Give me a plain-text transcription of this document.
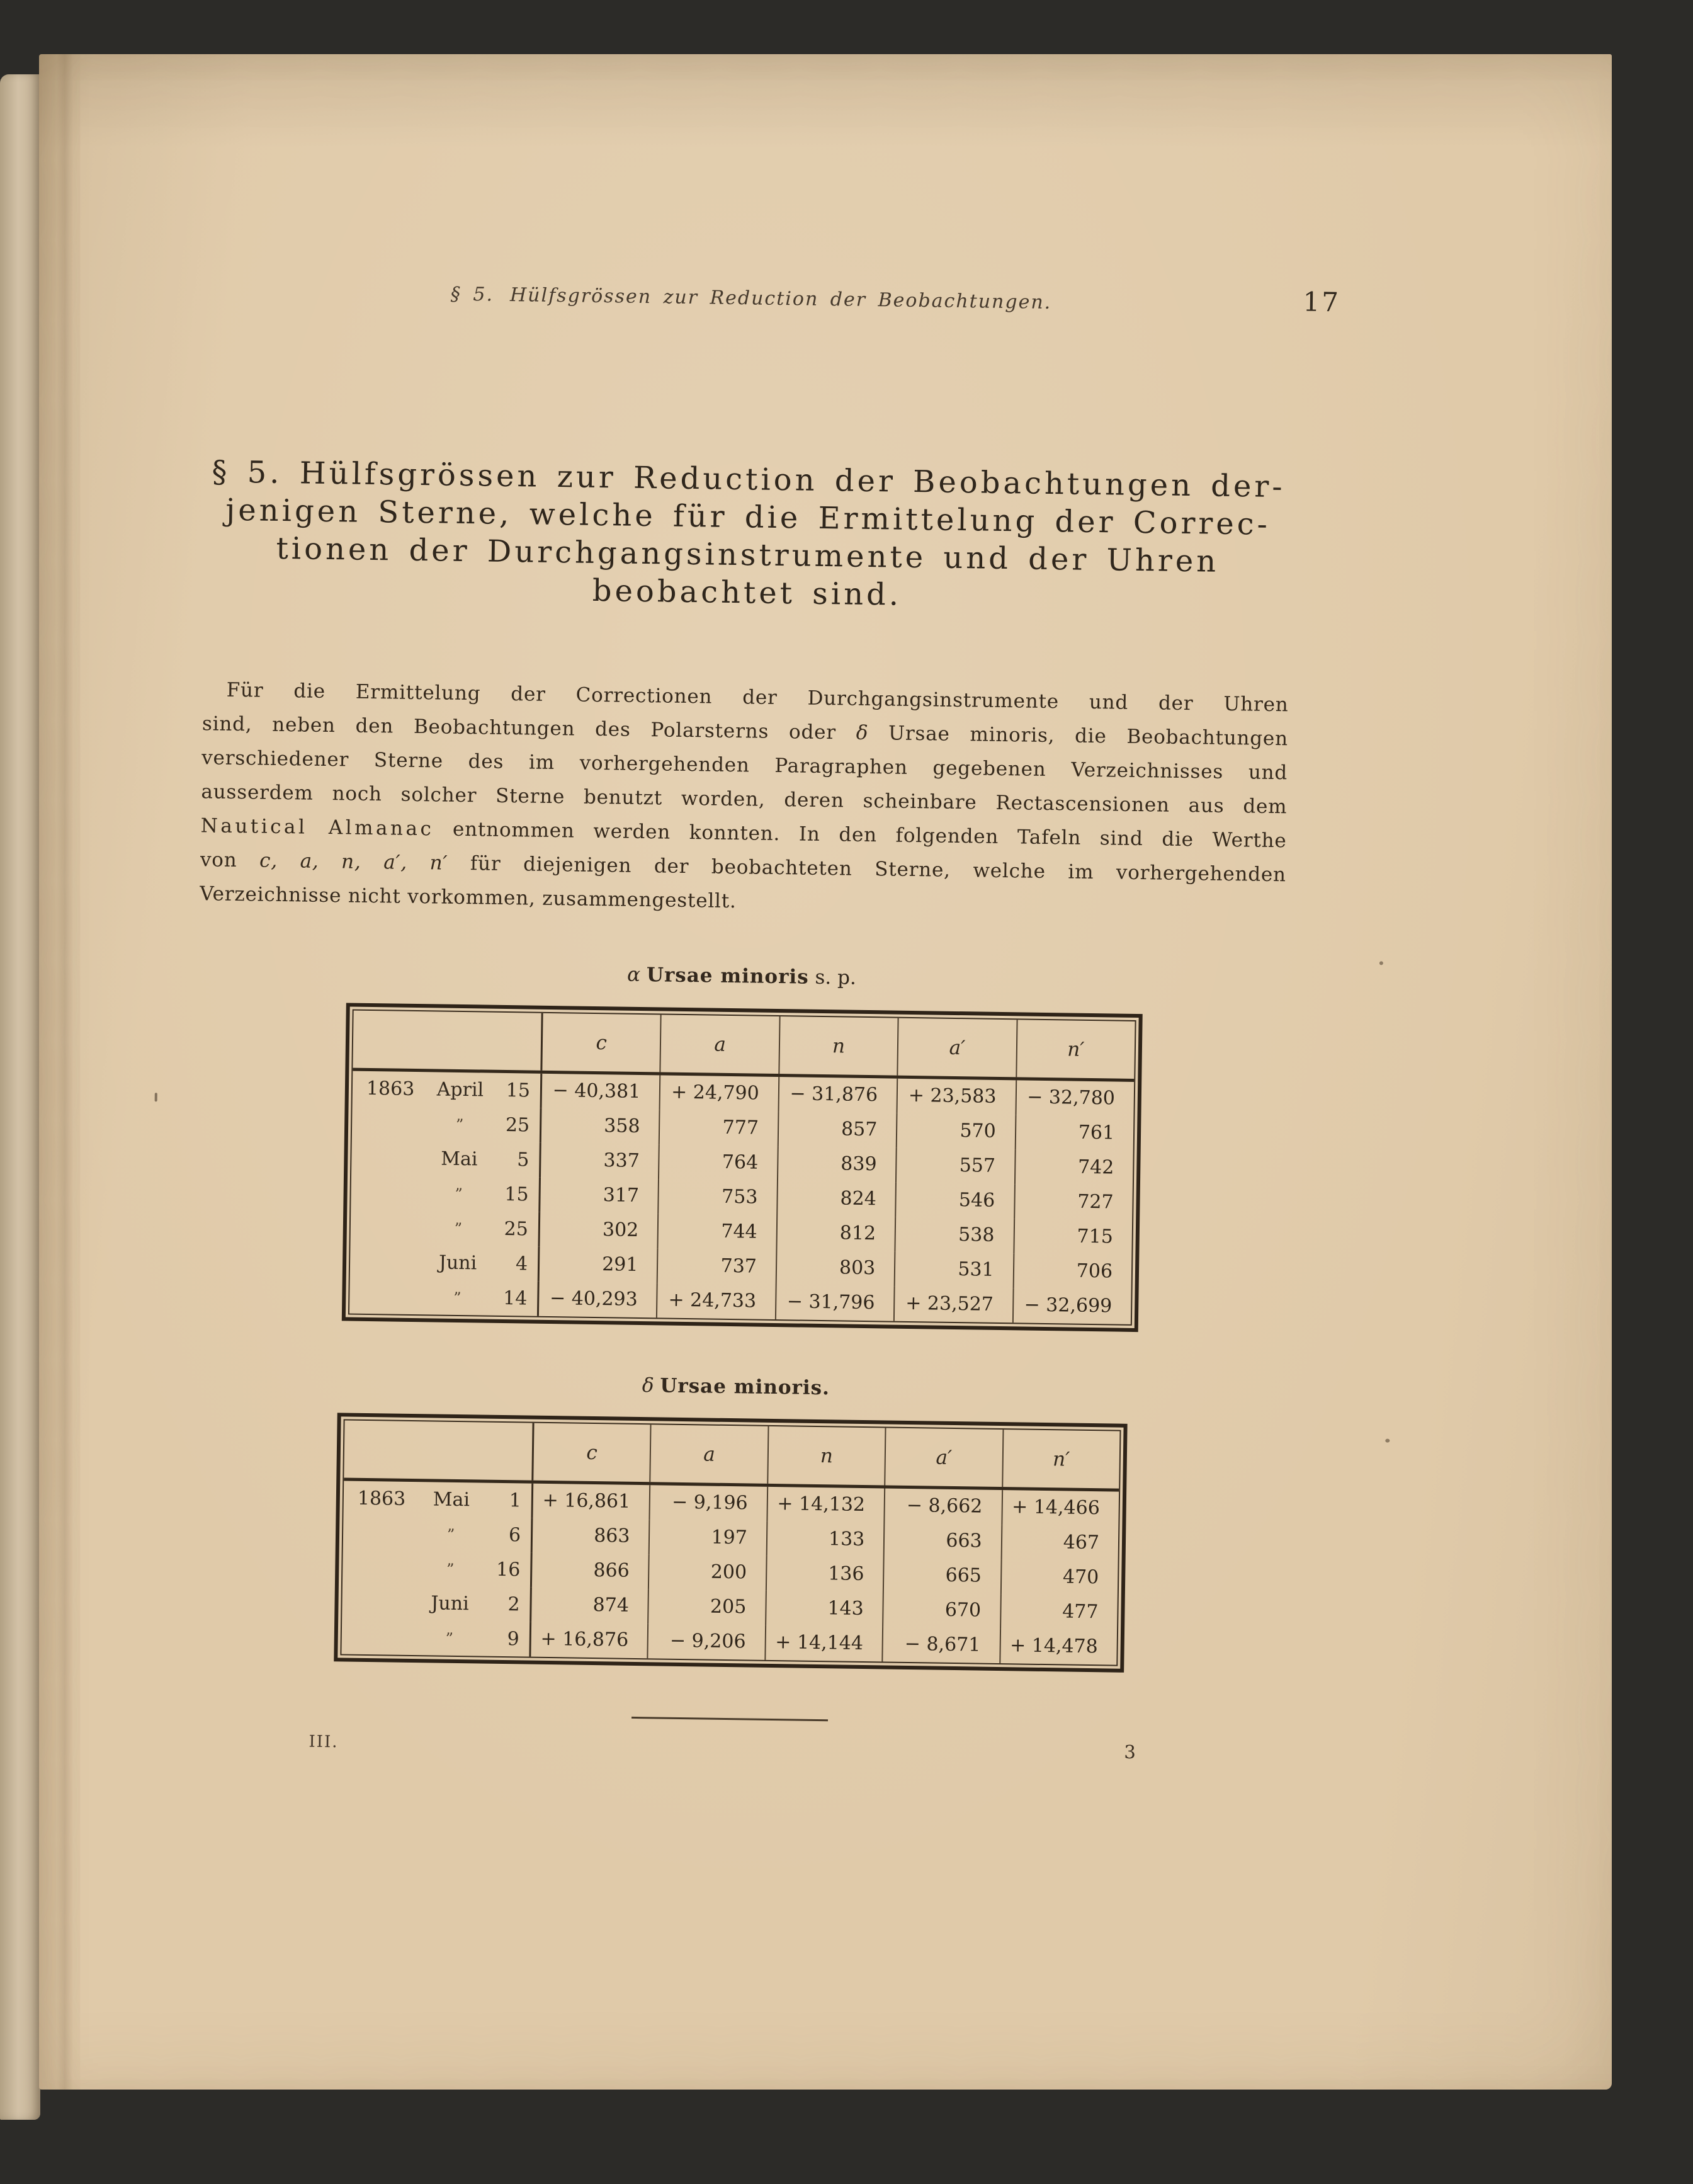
§ 5. Hülfsgrössen zur Reduction der Beobachtungen.	17
§ 5. Hülfsgrössen zur Reduction der Beobachtungen der-
jenigen Sterne, welche für die Ermittelung der Correc-
tionen der Durchgangsinstrumente und der Uhren
beobachtet sind.
Für die Ermittelung der Correctionen der Durchgangsinstrumente und der Uhren
sind, neben den Beobachtungen des Polarsterns oder δ Ursae minoris, die Beobachtungen
verschiedener Sterne des im vorhergehenden Paragraphen gegebenen Verzeichnisses und
ausserdem noch solcher Sterne benutzt worden, deren scheinbare Rectascensionen aus dem
Nautical Almanac entnommen werden konnten. In den folgenden Tafeln sind die Werthe
von c, a, n, a′, n′ für diejenigen der beobachteten Sterne, welche im vorhergehenden
Verzeichnisse nicht vorkommen, zusammengestellt.
α Ursae minoris s. p.
c	a	n	a′	n′
1863	April	15	− 40,381	+ 24,790	− 31,876	+ 23,583	− 32,780
”	25	358	777	857	570	761
Mai	5	337	764	839	557	742
”	15	317	753	824	546	727
”	25	302	744	812	538	715
Juni	4	291	737	803	531	706
”	14	− 40,293	+ 24,733	− 31,796	+ 23,527	− 32,699
δ Ursae minoris.
c	a	n	a′	n′
1863	Mai	1	+ 16,861	− 9,196	+ 14,132	− 8,662	+ 14,466
”	6	863	197	133	663	467
”	16	866	200	136	665	470
Juni	2	874	205	143	670	477
”	9	+ 16,876	− 9,206	+ 14,144	− 8,671	+ 14,478
III.	3
